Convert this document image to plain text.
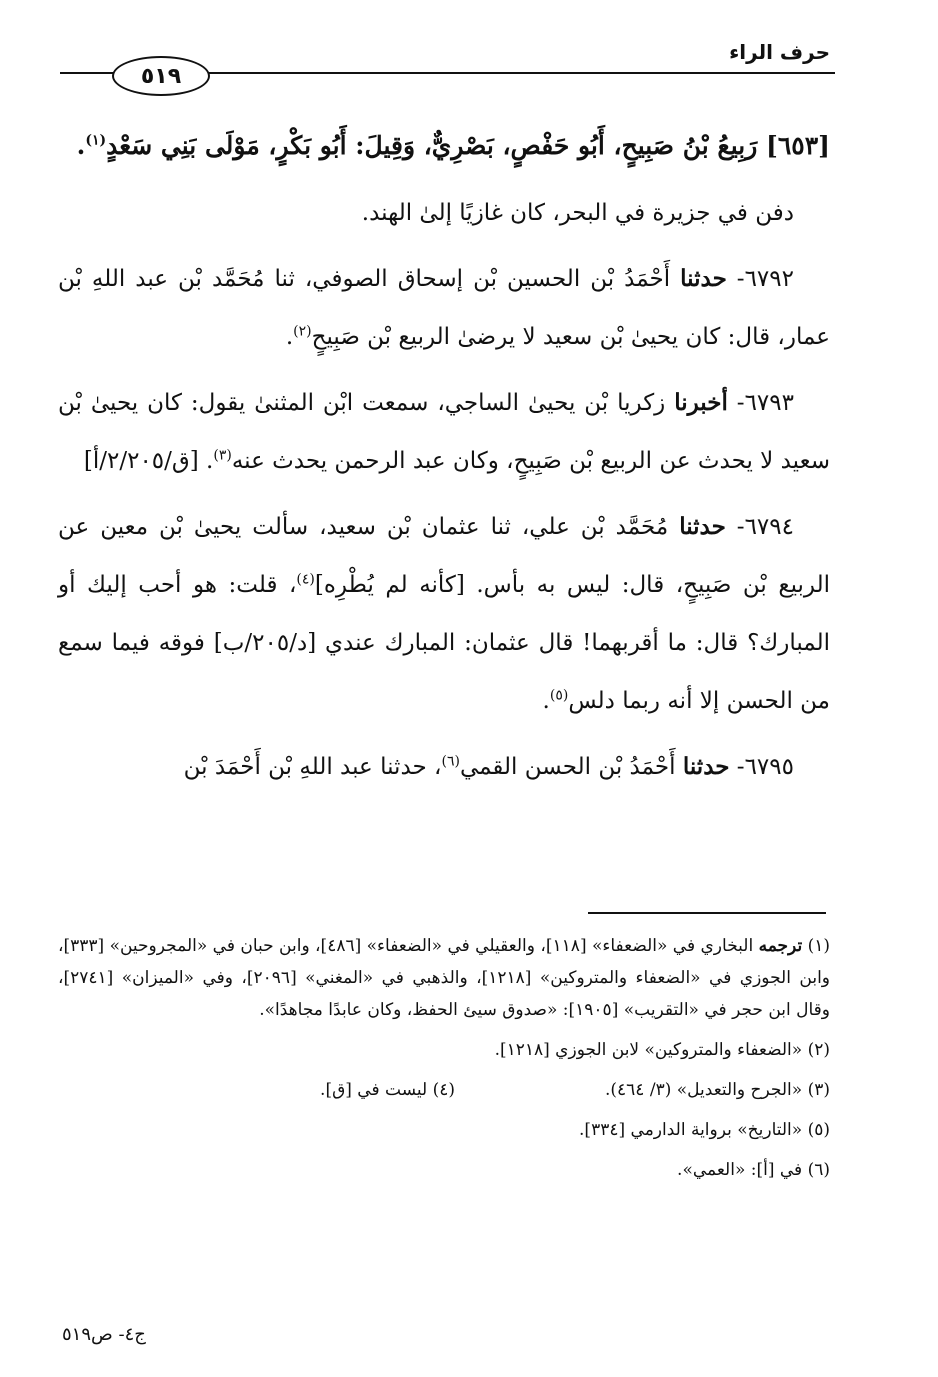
حرف الراء
٥١٩
[٦٥٣] رَبِيعُ بْنُ صَبِيحٍ، أَبُو حَفْصٍ، بَصْرِيٌّ، وَقِيلَ: أَبُو بَكْرٍ، مَوْلَى بَنِي سَعْدٍ$^{(١)}$.

دفن في جزيرة في البحر، كان غازيًا إلىٰ الهند.

٦٧٩٢- حدثنا أَحْمَدُ بْن الحسين بْن إسحاق الصوفي، ثنا مُحَمَّد بْن عبد اللهِ بْن عمار، قال: كان يحيىٰ بْن سعيد لا يرضىٰ الربيع بْن صَبِيحٍ$^{(٢)}$.

٦٧٩٣- أخبرنا زكريا بْن يحيىٰ الساجي، سمعت ابْن المثنىٰ يقول: كان يحيىٰ بْن سعيد لا يحدث عن الربيع بْن صَبِيحٍ، وكان عبد الرحمن يحدث عنه$^{(٣)}$. [ق/٢/٢٠٥/أ]

٦٧٩٤- حدثنا مُحَمَّد بْن علي، ثنا عثمان بْن سعيد، سألت يحيىٰ بْن معين عن الربيع بْن صَبِيحٍ، قال: ليس به بأس. [كأنه لم يُطْرِه]$^{(٤)}$، قلت: هو أحب إليك أو المبارك؟ قال: ما أقربهما! قال عثمان: المبارك عندي [د/٢٠٥/ب] فوقه فيما سمع من الحسن إلا أنه ربما دلس$^{(٥)}$.

٦٧٩٥- حدثنا أَحْمَدُ بْن الحسن القمي$^{(٦)}$، حدثنا عبد اللهِ بْن أَحْمَدَ بْن

(١) ترجمه البخاري في «الضعفاء» [١١٨]، والعقيلي في «الضعفاء» [٤٨٦]، وابن حبان في «المجروحين» [٣٣٣]، وابن الجوزي في «الضعفاء والمتروكين» [١٢١٨]، والذهبي في «المغني» [٢٠٩٦]، وفي «الميزان» [٢٧٤١]، وقال ابن حجر في «التقريب» [١٩٠٥]: «صدوق سيئ الحفظ، وكان عابدًا مجاهدًا».

(٢) «الضعفاء والمتروكين» لابن الجوزي [١٢١٨].

(٣) «الجرح والتعديل» (٣/ ٤٦٤).
(٤) ليست في [ق].

(٥) «التاريخ» برواية الدارمي [٣٣٤].

(٦) في [أ]: «العمي».

ج٤- ص٥١٩
